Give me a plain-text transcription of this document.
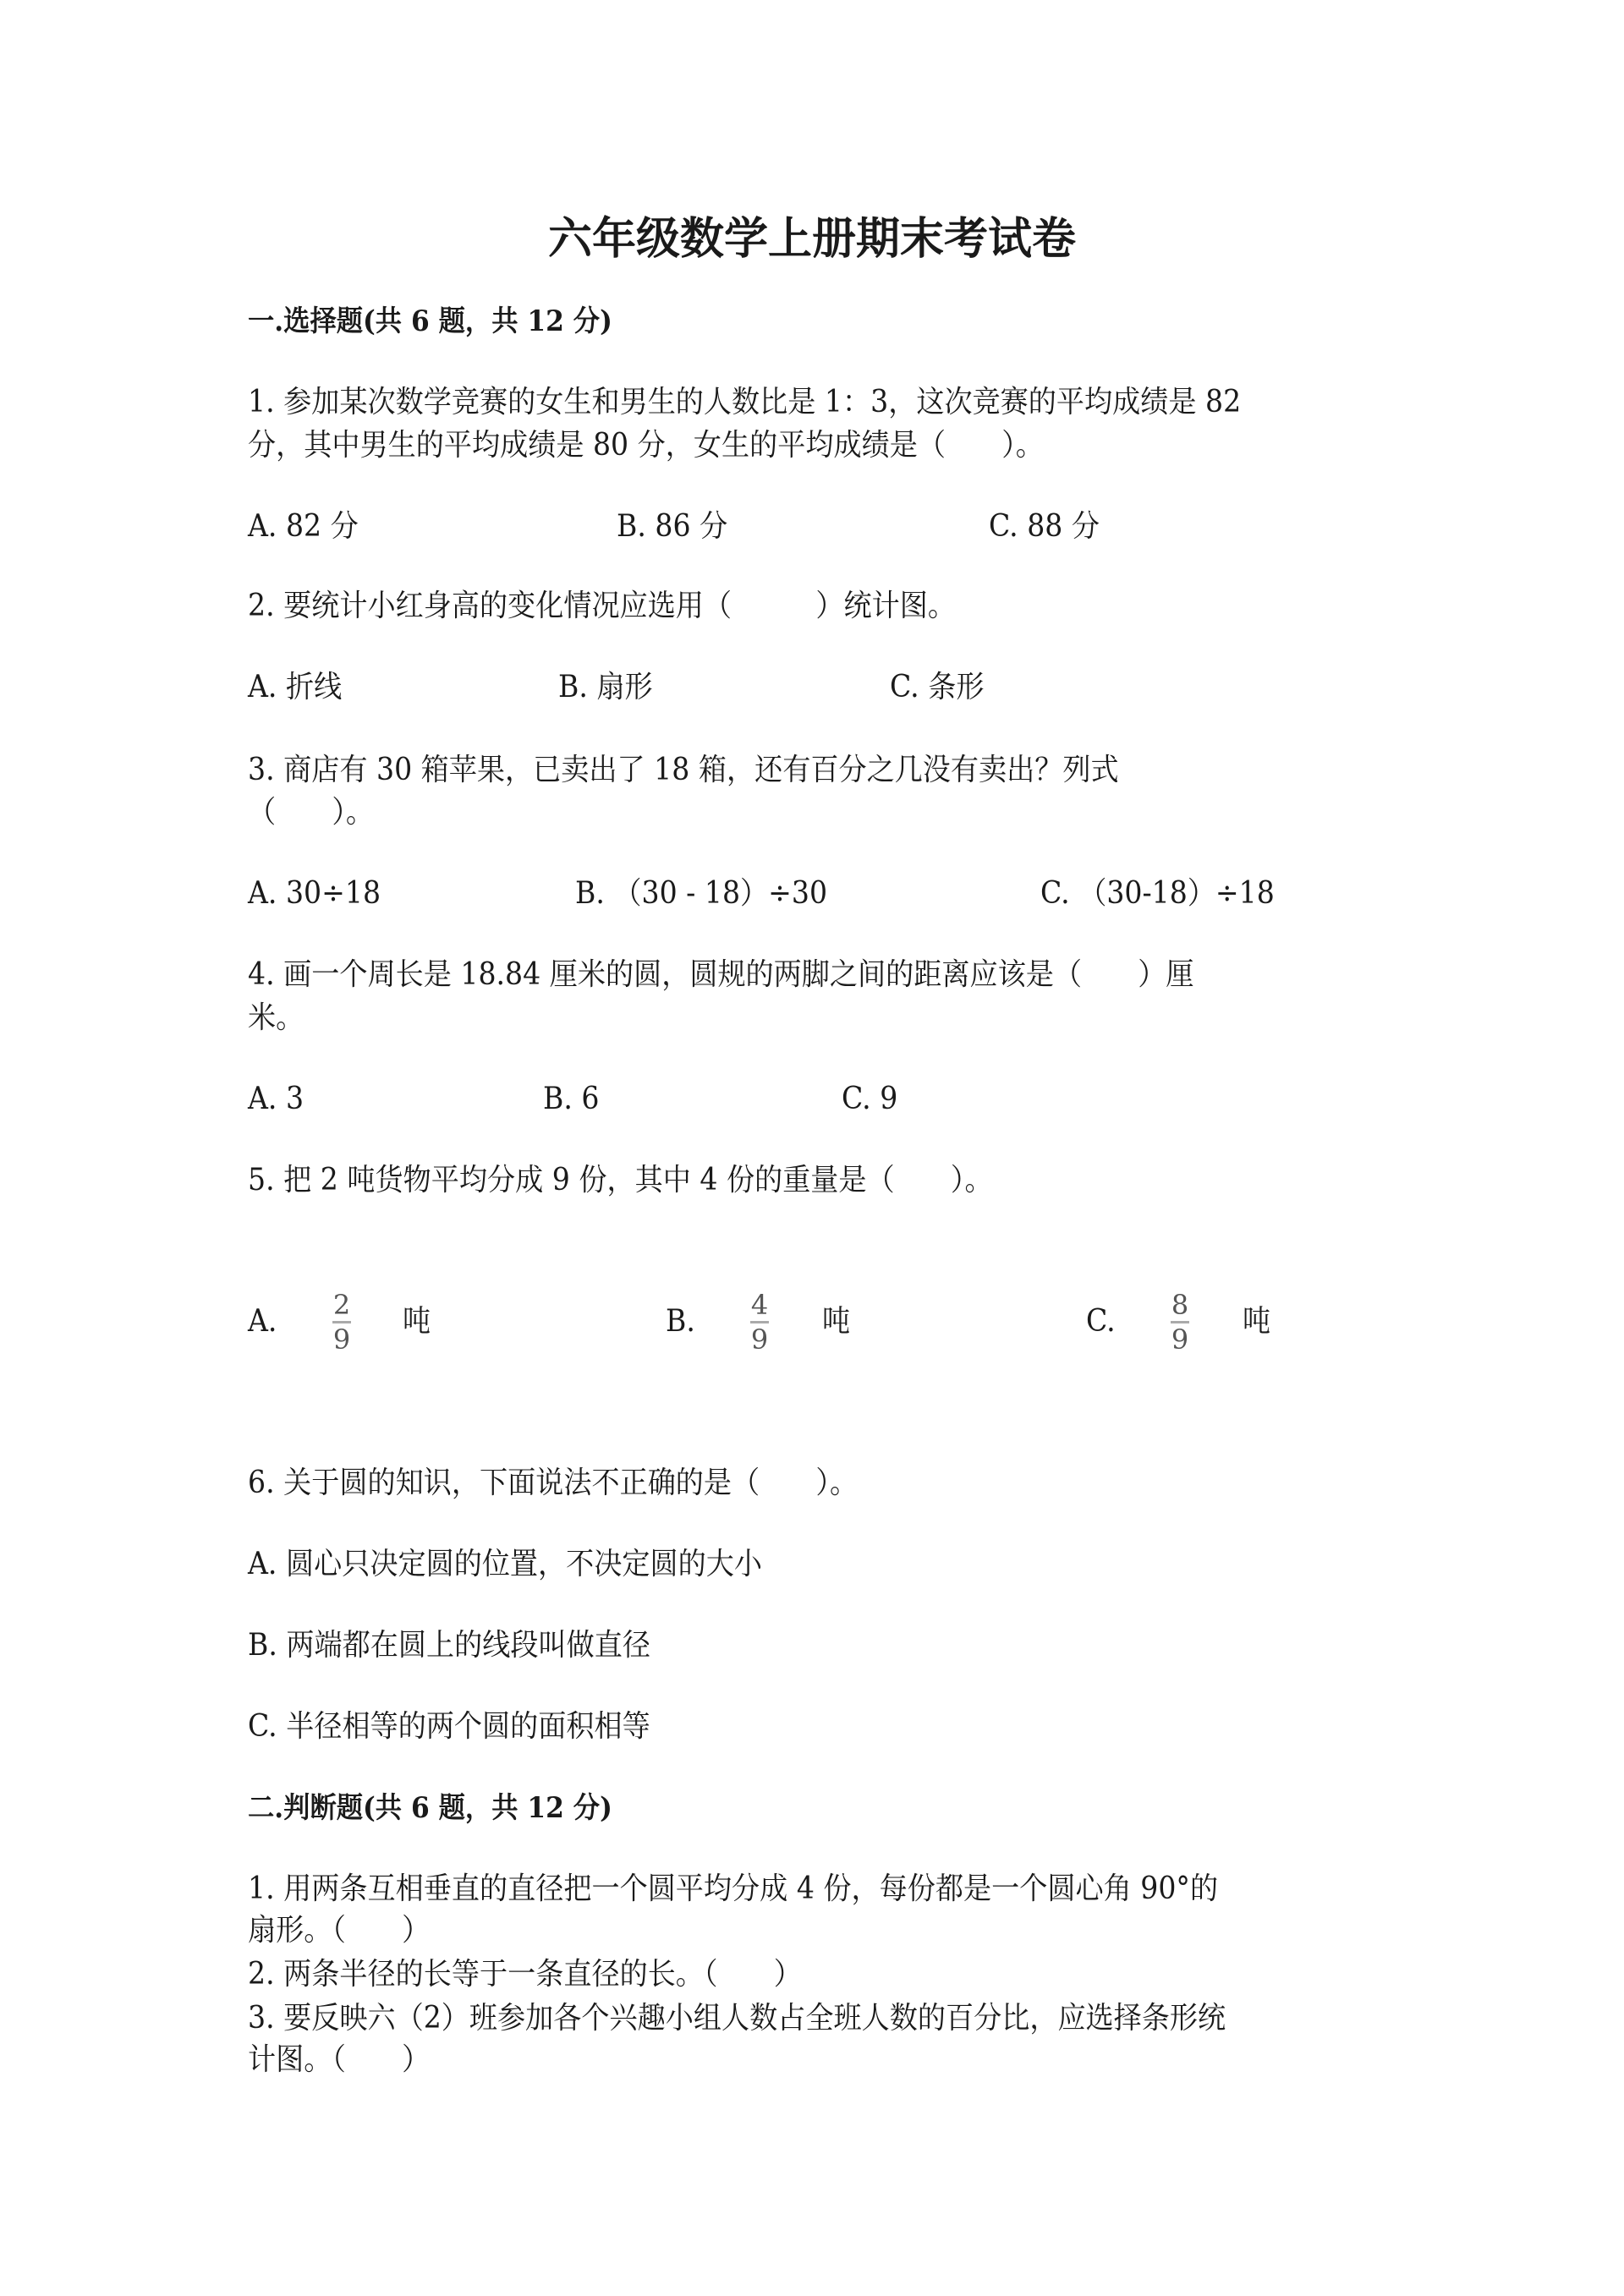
六年级数学上册期末考试卷
一.选择题(共 6 题，共 12 分)
1. 参加某次数学竞赛的女生和男生的人数比是 1：3，这次竞赛的平均成绩是 82
分，其中男生的平均成绩是 80 分，女生的平均成绩是（　　）。
A. 82 分	B. 86 分	C. 88 分
2. 要统计小红身高的变化情况应选用（　　　）统计图。
A. 折线	B. 扇形	C. 条形
3. 商店有 30 箱苹果，已卖出了 18 箱，还有百分之几没有卖出？列式
（　　）。
A. 30÷18	B. （30 - 18）÷30	C. （30-18）÷18
4. 画一个周长是 18.84 厘米的圆，圆规的两脚之间的距离应该是（　　）厘
米。
A. 3	B. 6	C. 9
5. 把 2 吨货物平均分成 9 份，其中 4 份的重量是（　　）。
A. 2
9
吨	B. 4
9
吨	C. 8
9
吨
6. 关于圆的知识，下面说法不正确的是（　　）。
A. 圆心只决定圆的位置，不决定圆的大小
B. 两端都在圆上的线段叫做直径
C. 半径相等的两个圆的面积相等
二.判断题(共 6 题，共 12 分)
1. 用两条互相垂直的直径把一个圆平均分成 4 份，每份都是一个圆心角 90°的
扇形。（　　）
2. 两条半径的长等于一条直径的长。（　　）
3. 要反映六（2）班参加各个兴趣小组人数占全班人数的百分比，应选择条形统
计图。（　　）
